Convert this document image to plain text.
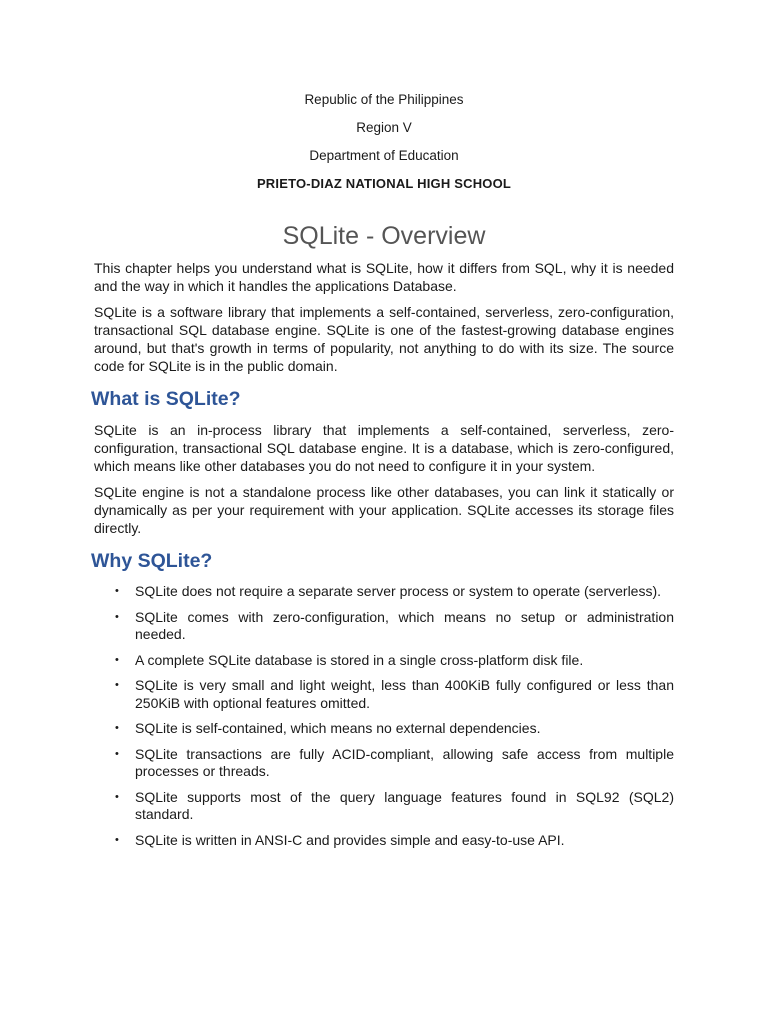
Republic of the Philippines
Region V
Department of Education
PRIETO-DIAZ NATIONAL HIGH SCHOOL
SQLite - Overview

This chapter helps you understand what is SQLite, how it differs from SQL, why it is needed and the way in which it handles the applications Database.

SQLite is a software library that implements a self-contained, serverless, zero-configuration, transactional SQL database engine. SQLite is one of the fastest-growing database engines around, but that's growth in terms of popularity, not anything to do with its size. The source code for SQLite is in the public domain.

What is SQLite?

SQLite is an in-process library that implements a self-contained, serverless, zero-configuration, transactional SQL database engine. It is a database, which is zero-configured, which means like other databases you do not need to configure it in your system.

SQLite engine is not a standalone process like other databases, you can link it statically or dynamically as per your requirement with your application. SQLite accesses its storage files directly.

Why SQLite?
• SQLite does not require a separate server process or system to operate (serverless).
• SQLite comes with zero-configuration, which means no setup or administration needed.
• A complete SQLite database is stored in a single cross-platform disk file.
• SQLite is very small and light weight, less than 400KiB fully configured or less than 250KiB with optional features omitted.
• SQLite is self-contained, which means no external dependencies.
• SQLite transactions are fully ACID-compliant, allowing safe access from multiple processes or threads.
• SQLite supports most of the query language features found in SQL92 (SQL2) standard.
• SQLite is written in ANSI-C and provides simple and easy-to-use API.
